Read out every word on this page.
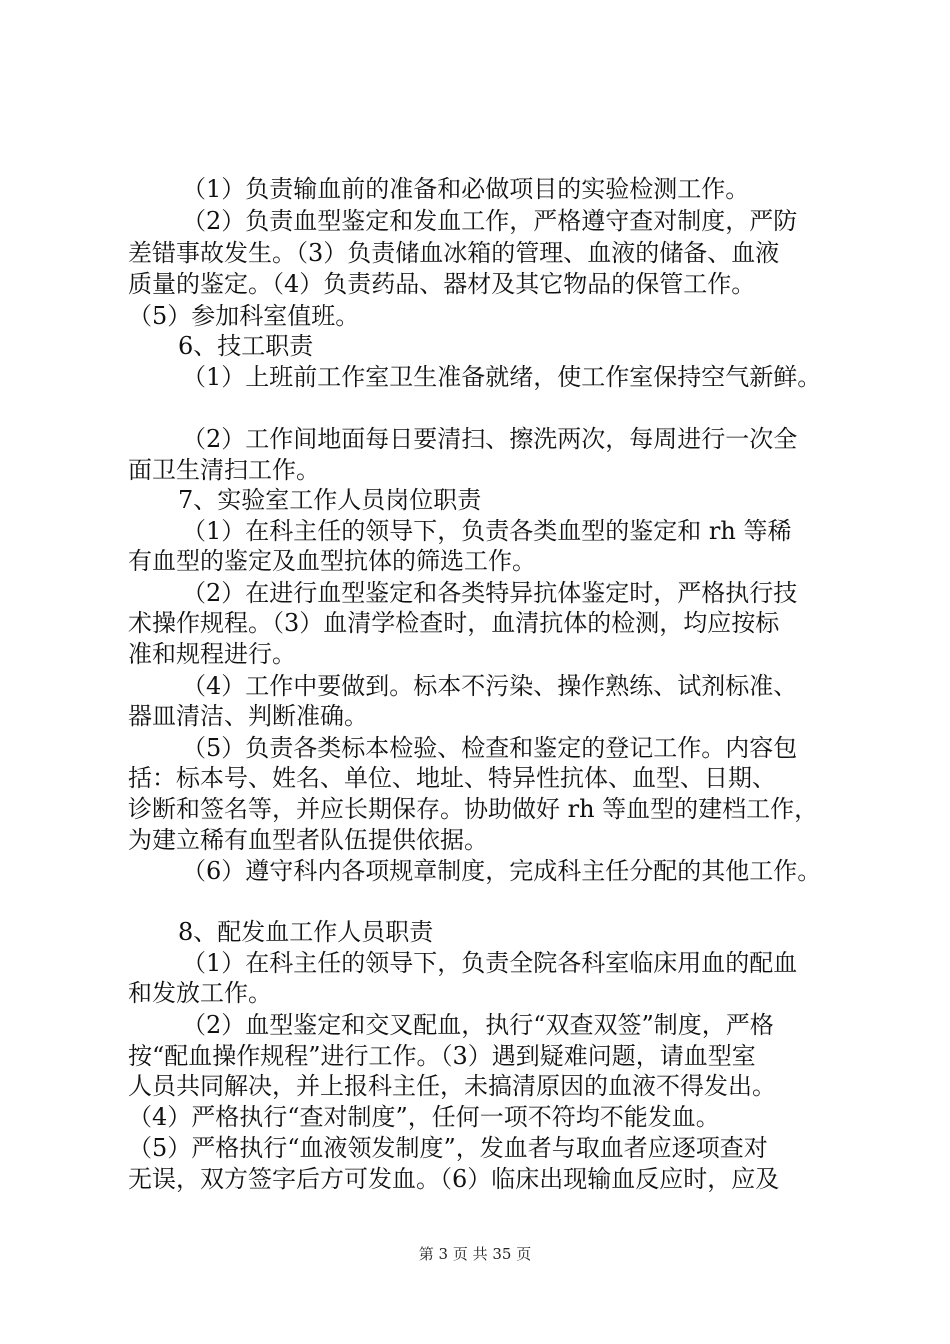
（1）负责输血前的准备和必做项目的实验检测工作。
（2）负责血型鉴定和发血工作，严格遵守查对制度，严防
差错事故发生。（3）负责储血冰箱的管理、血液的储备、血液
质量的鉴定。（4）负责药品、器材及其它物品的保管工作。
（5）参加科室值班。
6、技工职责
（1）上班前工作室卫生准备就绪，使工作室保持空气新鲜。
（2）工作间地面每日要清扫、擦洗两次，每周进行一次全
面卫生清扫工作。
7、实验室工作人员岗位职责
（1）在科主任的领导下，负责各类血型的鉴定和 rh 等稀
有血型的鉴定及血型抗体的筛选工作。
（2）在进行血型鉴定和各类特异抗体鉴定时，严格执行技
术操作规程。（3）血清学检查时，血清抗体的检测，均应按标
准和规程进行。
（4）工作中要做到。标本不污染、操作熟练、试剂标准、
器皿清洁、判断准确。
（5）负责各类标本检验、检查和鉴定的登记工作。内容包
括：标本号、姓名、单位、地址、特异性抗体、血型、日期、
诊断和签名等，并应长期保存。协助做好 rh 等血型的建档工作，
为建立稀有血型者队伍提供依据。
（6）遵守科内各项规章制度，完成科主任分配的其他工作。
8、配发血工作人员职责
（1）在科主任的领导下，负责全院各科室临床用血的配血
和发放工作。
（2）血型鉴定和交叉配血，执行“双查双签”制度，严格
按“配血操作规程”进行工作。（3）遇到疑难问题，请血型室
人员共同解决，并上报科主任，未搞清原因的血液不得发出。
（4）严格执行“查对制度”，任何一项不符均不能发血。
（5）严格执行“血液领发制度”，发血者与取血者应逐项查对
无误，双方签字后方可发血。（6）临床出现输血反应时，应及
第 3 页 共 35 页
